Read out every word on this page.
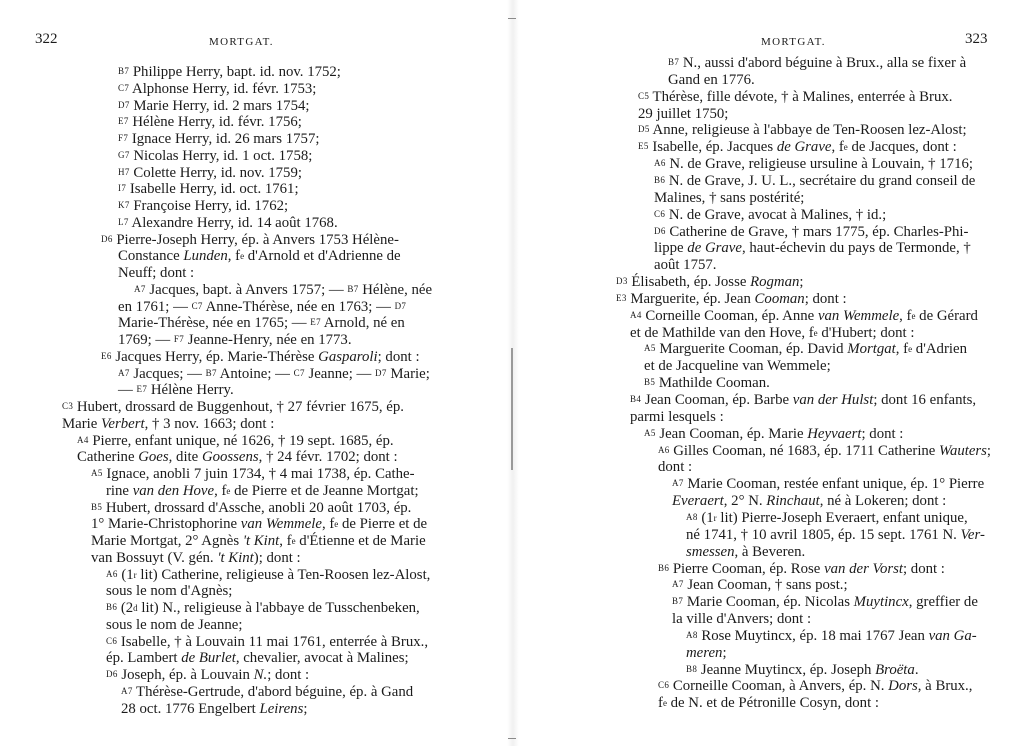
322	MORTGAT.
$^{B7}$ Philippe Herry, bapt. id. nov. 1752;
$^{C7}$ Alphonse Herry, id. févr. 1753;
$^{D7}$ Marie Herry, id. 2 mars 1754;
$^{E7}$ Hélène Herry, id. févr. 1756;
$^{F7}$ Ignace Herry, id. 26 mars 1757;
$^{G7}$ Nicolas Herry, id. 1 oct. 1758;
$^{H7}$ Colette Herry, id. nov. 1759;
$^{I7}$ Isabelle Herry, id. oct. 1761;
$^{K7}$ Françoise Herry, id. 1762;
$^{L7}$ Alexandre Herry, id. 14 août 1768.
$^{D6}$ Pierre-Joseph Herry, ép. à Anvers 1753 Hélène-
Constance Lunden, $f^e$ d'Arnold et d'Adrienne de
Neuff; dont :
$^{A7}$ Jacques, bapt. à Anvers 1757; — $^{B7}$ Hélène, née
en 1761; — $^{C7}$ Anne-Thérèse, née en 1763; — $^{D7}$
Marie-Thérèse, née en 1765; — $^{E7}$ Arnold, né en
1769; — $^{F7}$ Jeanne-Henry, née en 1773.
$^{E6}$ Jacques Herry, ép. Marie-Thérèse Gasparoli; dont :
$^{A7}$ Jacques; — $^{B7}$ Antoine; — $^{C7}$ Jeanne; — $^{D7}$ Marie;
— $^{E7}$ Hélène Herry.
$^{C3}$ Hubert, drossard de Buggenhout, † 27 février 1675, ép.
Marie Verbert, † 3 nov. 1663; dont :
$^{A4}$ Pierre, enfant unique, né 1626, † 19 sept. 1685, ép.
Catherine Goes, dite Goossens, † 24 févr. 1702; dont :
$^{A5}$ Ignace, anobli 7 juin 1734, † 4 mai 1738, ép. Cathe-
rine van den Hove, $f^e$ de Pierre et de Jeanne Mortgat;
$^{B5}$ Hubert, drossard d'Assche, anobli 20 août 1703, ép.
1° Marie-Christophorine van Wemmele, $f^e$ de Pierre et de
Marie Mortgat, 2° Agnès 't Kint, $f^e$ d'Étienne et de Marie
van Bossuyt (V. gén. 't Kint); dont :
$^{A6}$ (1$^r$ lit) Catherine, religieuse à Ten-Roosen lez-Alost,
sous le nom d'Agnès;
$^{B6}$ (2$^d$ lit) N., religieuse à l'abbaye de Tusschenbeken,
sous le nom de Jeanne;
$^{C6}$ Isabelle, † à Louvain 11 mai 1761, enterrée à Brux.,
ép. Lambert de Burlet, chevalier, avocat à Malines;
$^{D6}$ Joseph, ép. à Louvain N.; dont :
$^{A7}$ Thérèse-Gertrude, d'abord béguine, ép. à Gand
28 oct. 1776 Engelbert Leirens;
323
MORTGAT.
$^{B7}$ N., aussi d'abord béguine à Brux., alla se fixer à
Gand en 1776.
$^{C5}$ Thérèse, fille dévote, † à Malines, enterrée à Brux.
29 juillet 1750;
$^{D5}$ Anne, religieuse à l'abbaye de Ten-Roosen lez-Alost;
$^{E5}$ Isabelle, ép. Jacques de Grave, $f^e$ de Jacques, dont :
$^{A6}$ N. de Grave, religieuse ursuline à Louvain, † 1716;
$^{B6}$ N. de Grave, J. U. L., secrétaire du grand conseil de
Malines, † sans postérité;
$^{C6}$ N. de Grave, avocat à Malines, † id.;
$^{D6}$ Catherine de Grave, † mars 1775, ép. Charles-Phi-
lippe de Grave, haut-échevin du pays de Termonde, †
août 1757.
$^{D3}$ Élisabeth, ép. Josse Rogman;
$^{E3}$ Marguerite, ép. Jean Cooman; dont :
$^{A4}$ Corneille Cooman, ép. Anne van Wemmele, $f^e$ de Gérard
et de Mathilde van den Hove, $f^e$ d'Hubert; dont :
$^{A5}$ Marguerite Cooman, ép. David Mortgat, $f^e$ d'Adrien
et de Jacqueline van Wemmele;
$^{B5}$ Mathilde Cooman.
$^{B4}$ Jean Cooman, ép. Barbe van der Hulst; dont 16 enfants,
parmi lesquels :
$^{A5}$ Jean Cooman, ép. Marie Heyvaert; dont :
$^{A6}$ Gilles Cooman, né 1683, ép. 1711 Catherine Wauters;
dont :
$^{A7}$ Marie Cooman, restée enfant unique, ép. 1° Pierre
Everaert, 2° N. Rinchaut, né à Lokeren; dont :
$^{A8}$ (1$^r$ lit) Pierre-Joseph Everaert, enfant unique,
né 1741, † 10 avril 1805, ép. 15 sept. 1761 N. Ver-
smessen, à Beveren.
$^{B6}$ Pierre Cooman, ép. Rose van der Vorst; dont :
$^{A7}$ Jean Cooman, † sans post.;
$^{B7}$ Marie Cooman, ép. Nicolas Muytincx, greffier de
la ville d'Anvers; dont :
$^{A8}$ Rose Muytincx, ép. 18 mai 1767 Jean van Ga-
meren;
$^{B8}$ Jeanne Muytincx, ép. Joseph Broëta.
$^{C6}$ Corneille Cooman, à Anvers, ép. N. Dors, à Brux.,
$f^e$ de N. et de Pétronille Cosyn, dont :
